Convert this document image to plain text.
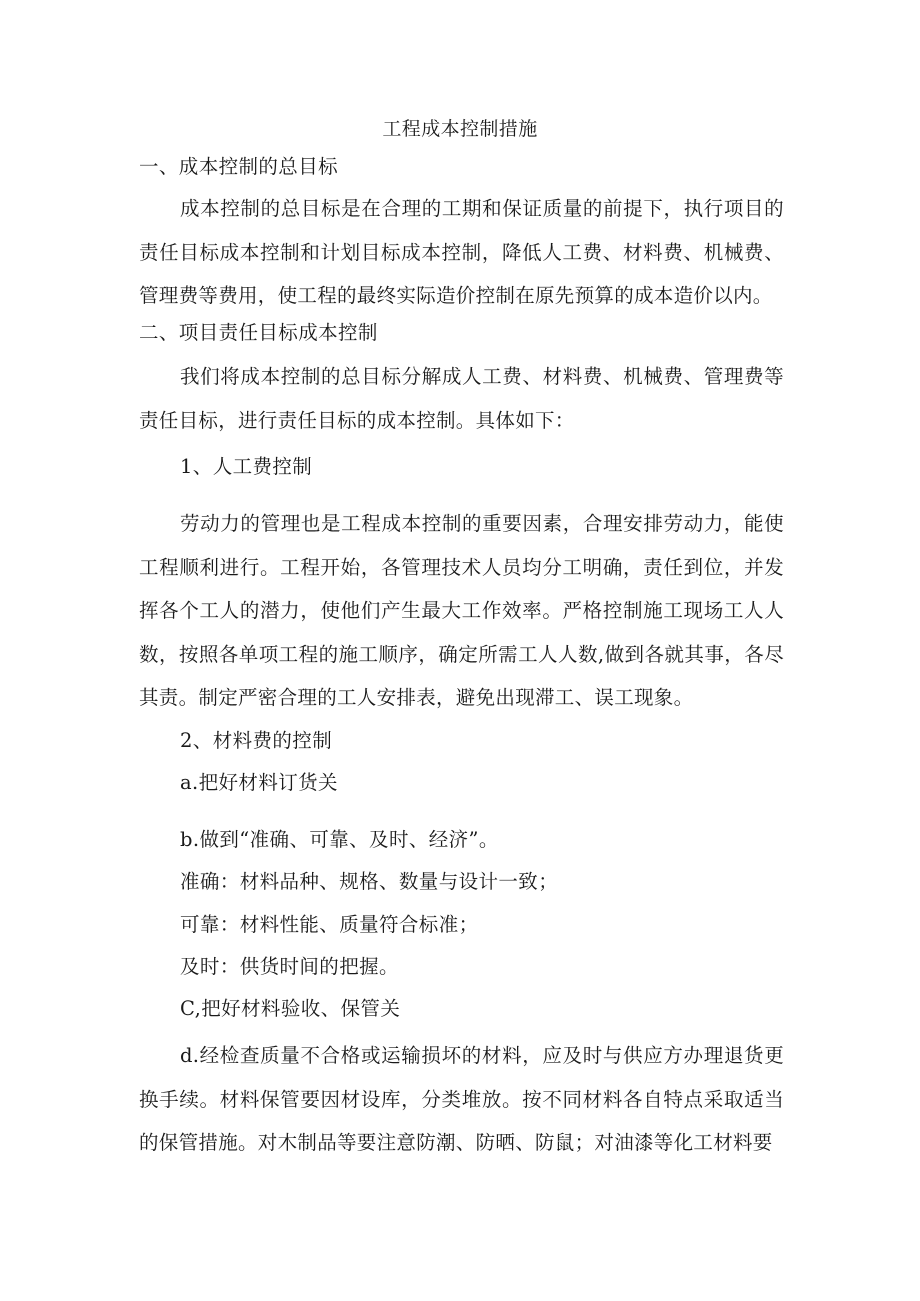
工程成本控制措施
一、成本控制的总目标
成本控制的总目标是在合理的工期和保证质量的前提下，执行项目的责任目标成本控制和计划目标成本控制，降低人工费、材料费、机械费、管理费等费用，使工程的最终实际造价控制在原先预算的成本造价以内。
二、项目责任目标成本控制
我们将成本控制的总目标分解成人工费、材料费、机械费、管理费等责任目标，进行责任目标的成本控制。具体如下：
1、人工费控制
劳动力的管理也是工程成本控制的重要因素，合理安排劳动力，能使工程顺利进行。工程开始，各管理技术人员均分工明确，责任到位，并发挥各个工人的潜力，使他们产生最大工作效率。严格控制施工现场工人人数，按照各单项工程的施工顺序，确定所需工人人数,做到各就其事，各尽其责。制定严密合理的工人安排表，避免出现滞工、误工现象。
2、材料费的控制
a.把好材料订货关
b.做到“准确、可靠、及时、经济”。
准确：材料品种、规格、数量与设计一致；
可靠：材料性能、质量符合标准；
及时：供货时间的把握。
C,把好材料验收、保管关
d.经检查质量不合格或运输损坏的材料，应及时与供应方办理退货更换手续。材料保管要因材设库，分类堆放。按不同材料各自特点采取适当的保管措施。对木制品等要注意防潮、防晒、防鼠；对油漆等化工材料要
